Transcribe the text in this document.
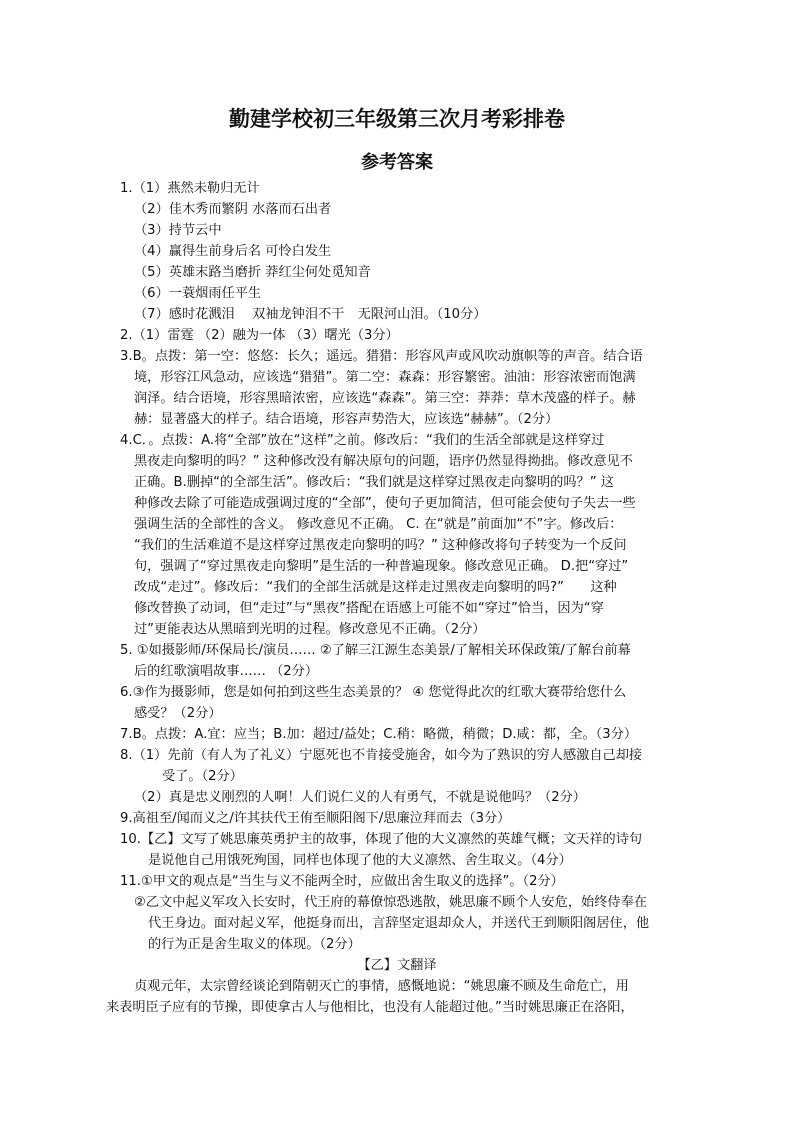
勤建学校初三年级第三次月考彩排卷
参考答案
1.（1）燕然未勒归无计
（2）佳木秀而繁阴 水落而石出者
（3）持节云中
（4）赢得生前身后名 可怜白发生
（5）英雄末路当磨折 莽红尘何处觅知音
（6）一蓑烟雨任平生
（7）感时花溅泪　 双袖龙钟泪不干　无限河山泪。（10分）
2.（1）雷霆 （2）融为一体 （3）曙光（3分）
3.B。点拨：第一空：悠悠：长久；遥远。猎猎：形容风声或风吹动旗帜等的声音。结合语
境，形容江风急动，应该选“猎猎”。第二空：森森：形容繁密。油油：形容浓密而饱满
润泽。结合语境，形容黑暗浓密，应该选“森森”。第三空：莽莽：草木茂盛的样子。赫
赫：显著盛大的样子。结合语境，形容声势浩大，应该选“赫赫”。（2分）
4.C．。点拨：A.将“全部”放在“这样”之前。修改后：“我们的生活全部就是这样穿过
黑夜走向黎明的吗？” 这种修改没有解决原句的问题，语序仍然显得拗拙。修改意见不
正确。B.删掉“的全部生活”。修改后：“我们就是这样穿过黑夜走向黎明的吗？” 这
种修改去除了可能造成强调过度的“全部”，使句子更加简洁，但可能会使句子失去一些
强调生活的全部性的含义。 修改意见不正确。 C. 在“就是”前面加“不”字。修改后：
“我们的生活难道不是这样穿过黑夜走向黎明的吗？” 这种修改将句子转变为一个反问
句，强调了“穿过黑夜走向黎明”是生活的一种普遍现象。修改意见正确。 D.把“穿过”
改成“走过”。修改后：“我们的全部生活就是这样走过黑夜走向黎明的吗?”　　这种
修改替换了动词，但“走过”与“黑夜”搭配在语感上可能不如“穿过”恰当，因为“穿
过”更能表达从黑暗到光明的过程。修改意见不正确。（2分）
5. ①如摄影师/环保局长/演员…… ②了解三江源生态美景/了解相关环保政策/了解台前幕
后的红歌演唱故事…… （2分）
6.③作为摄影师，您是如何拍到这些生态美景的？ ④ 您觉得此次的红歌大赛带给您什么
感受？（2分）
7.B。点拨：A.宜：应当；B.加：超过/益处；C.稍：略微，稍微；D.咸：都，全。（3分）
8.（1）先前（有人为了礼义）宁愿死也不肯接受施舍，如今为了熟识的穷人感激自己却接
受了。（2分）
（2）真是忠义刚烈的人啊！人们说仁义的人有勇气，不就是说他吗？（2分）
9.高祖至/闻而义之/许其扶代王侑至顺阳阁下/思廉泣拜而去（3分）
10.【乙】文写了姚思廉英勇护主的故事，体现了他的大义凛然的英雄气概；文天祥的诗句
是说他自己用饿死殉国，同样也体现了他的大义凛然、舍生取义。（4分）
11.①甲文的观点是“当生与义不能两全时，应做出舍生取义的选择”。（2分）
②乙文中起义军攻入长安时，代王府的幕僚惊恐逃散，姚思廉不顾个人安危，始终侍奉在
代王身边。面对起义军，他挺身而出，言辞坚定退却众人，并送代王到顺阳阁居住，他
的行为正是舍生取义的体现。（2分）
【乙】文翻译
贞观元年，太宗曾经谈论到隋朝灭亡的事情，感慨地说：“姚思廉不顾及生命危亡，用
来表明臣子应有的节操，即使拿古人与他相比，也没有人能超过他。”当时姚思廉正在洛阳，
